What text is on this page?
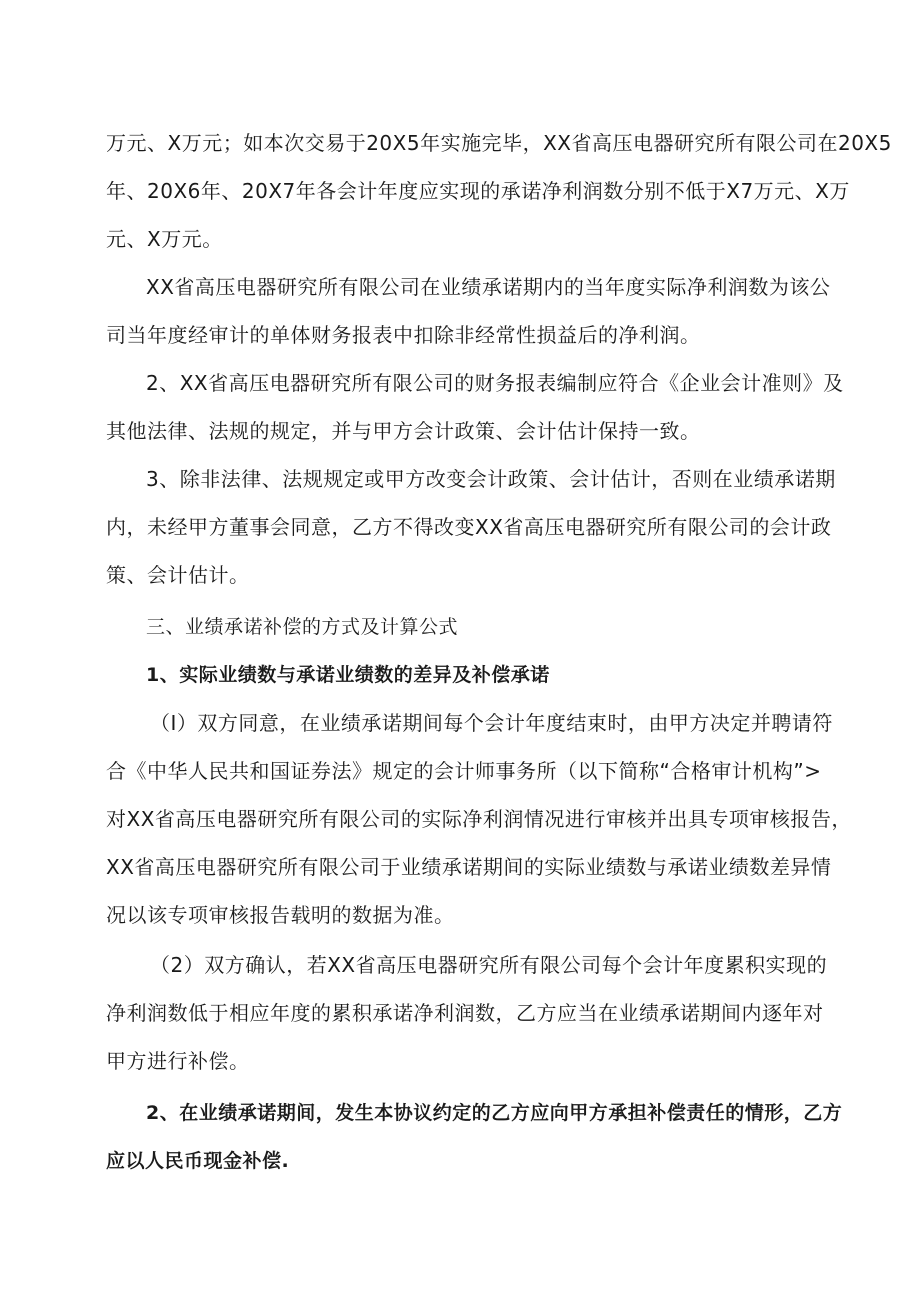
万元、X万元；如本次交易于20X5年实施完毕，XX省高压电器研究所有限公司在20X5
年、20X6年、20X7年各会计年度应实现的承诺净利润数分别不低于X7万元、X万
元、X万元。
XX省高压电器研究所有限公司在业绩承诺期内的当年度实际净利润数为该公
司当年度经审计的单体财务报表中扣除非经常性损益后的净利润。
2、XX省高压电器研究所有限公司的财务报表编制应符合《企业会计准则》及
其他法律、法规的规定，并与甲方会计政策、会计估计保持一致。
3、除非法律、法规规定或甲方改变会计政策、会计估计，否则在业绩承诺期
内，未经甲方董事会同意，乙方不得改变XX省高压电器研究所有限公司的会计政
策、会计估计。
三、业绩承诺补偿的方式及计算公式
1、实际业绩数与承诺业绩数的差异及补偿承诺
（I）双方同意，在业绩承诺期间每个会计年度结束时，由甲方决定并聘请符
合《中华人民共和国证券法》规定的会计师事务所（以下简称“合格审计机构”>
对XX省高压电器研究所有限公司的实际净利润情况进行审核并出具专项审核报告，
XX省高压电器研究所有限公司于业绩承诺期间的实际业绩数与承诺业绩数差异情
况以该专项审核报告载明的数据为准。
（2）双方确认，若XX省高压电器研究所有限公司每个会计年度累积实现的
净利润数低于相应年度的累积承诺净利润数，乙方应当在业绩承诺期间内逐年对
甲方进行补偿。
2、在业绩承诺期间，发生本协议约定的乙方应向甲方承担补偿责任的情形，乙方
应以人民币现金补偿.
